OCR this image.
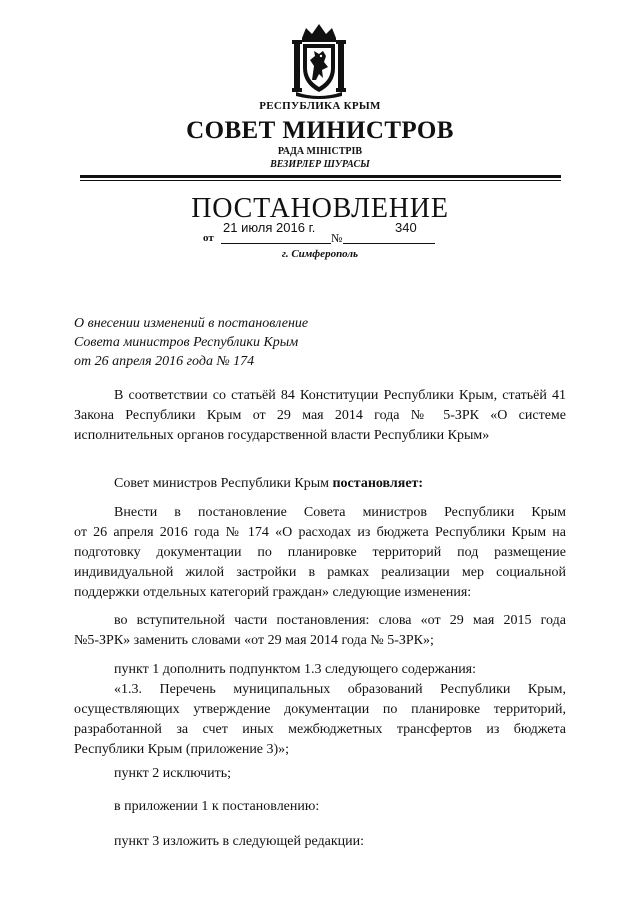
РЕСПУБЛИКА КРЫМ
СОВЕТ МИНИСТРОВ
РАДА МІНІСТРІВ
ВЕЗИРЛЕР ШУРАСЫ
ПОСТАНОВЛЕНИЕ
от
21 июля 2016 г.
№
340
г. Симферополь
О внесении изменений в постановление
Совета министров Республики Крым
от 26 апреля 2016 года № 174
В соответствии со статьёй 84 Конституции Республики Крым, статьёй 41
Закона Республики Крым от 29 мая 2014 года № 5-ЗРК «О системе
исполнительных органов государственной власти Республики Крым»
Совет министров Республики Крым постановляет:
Внести в постановление Совета министров Республики Крым
от 26 апреля 2016 года № 174 «О расходах из бюджета Республики Крым на
подготовку документации по планировке территорий под размещение
индивидуальной жилой застройки в рамках реализации мер социальной
поддержки отдельных категорий граждан» следующие изменения:
во вступительной части постановления: слова «от 29 мая 2015 года
№5-ЗРК» заменить словами «от 29 мая 2014 года № 5-ЗРК»;
пункт 1 дополнить подпунктом 1.3 следующего содержания:
«1.3. Перечень муниципальных образований Республики Крым,
осуществляющих утверждение документации по планировке территорий,
разработанной за счет иных межбюджетных трансфертов из бюджета
Республики Крым (приложение 3)»;
пункт 2 исключить;
в приложении 1 к постановлению:
пункт 3 изложить в следующей редакции:
